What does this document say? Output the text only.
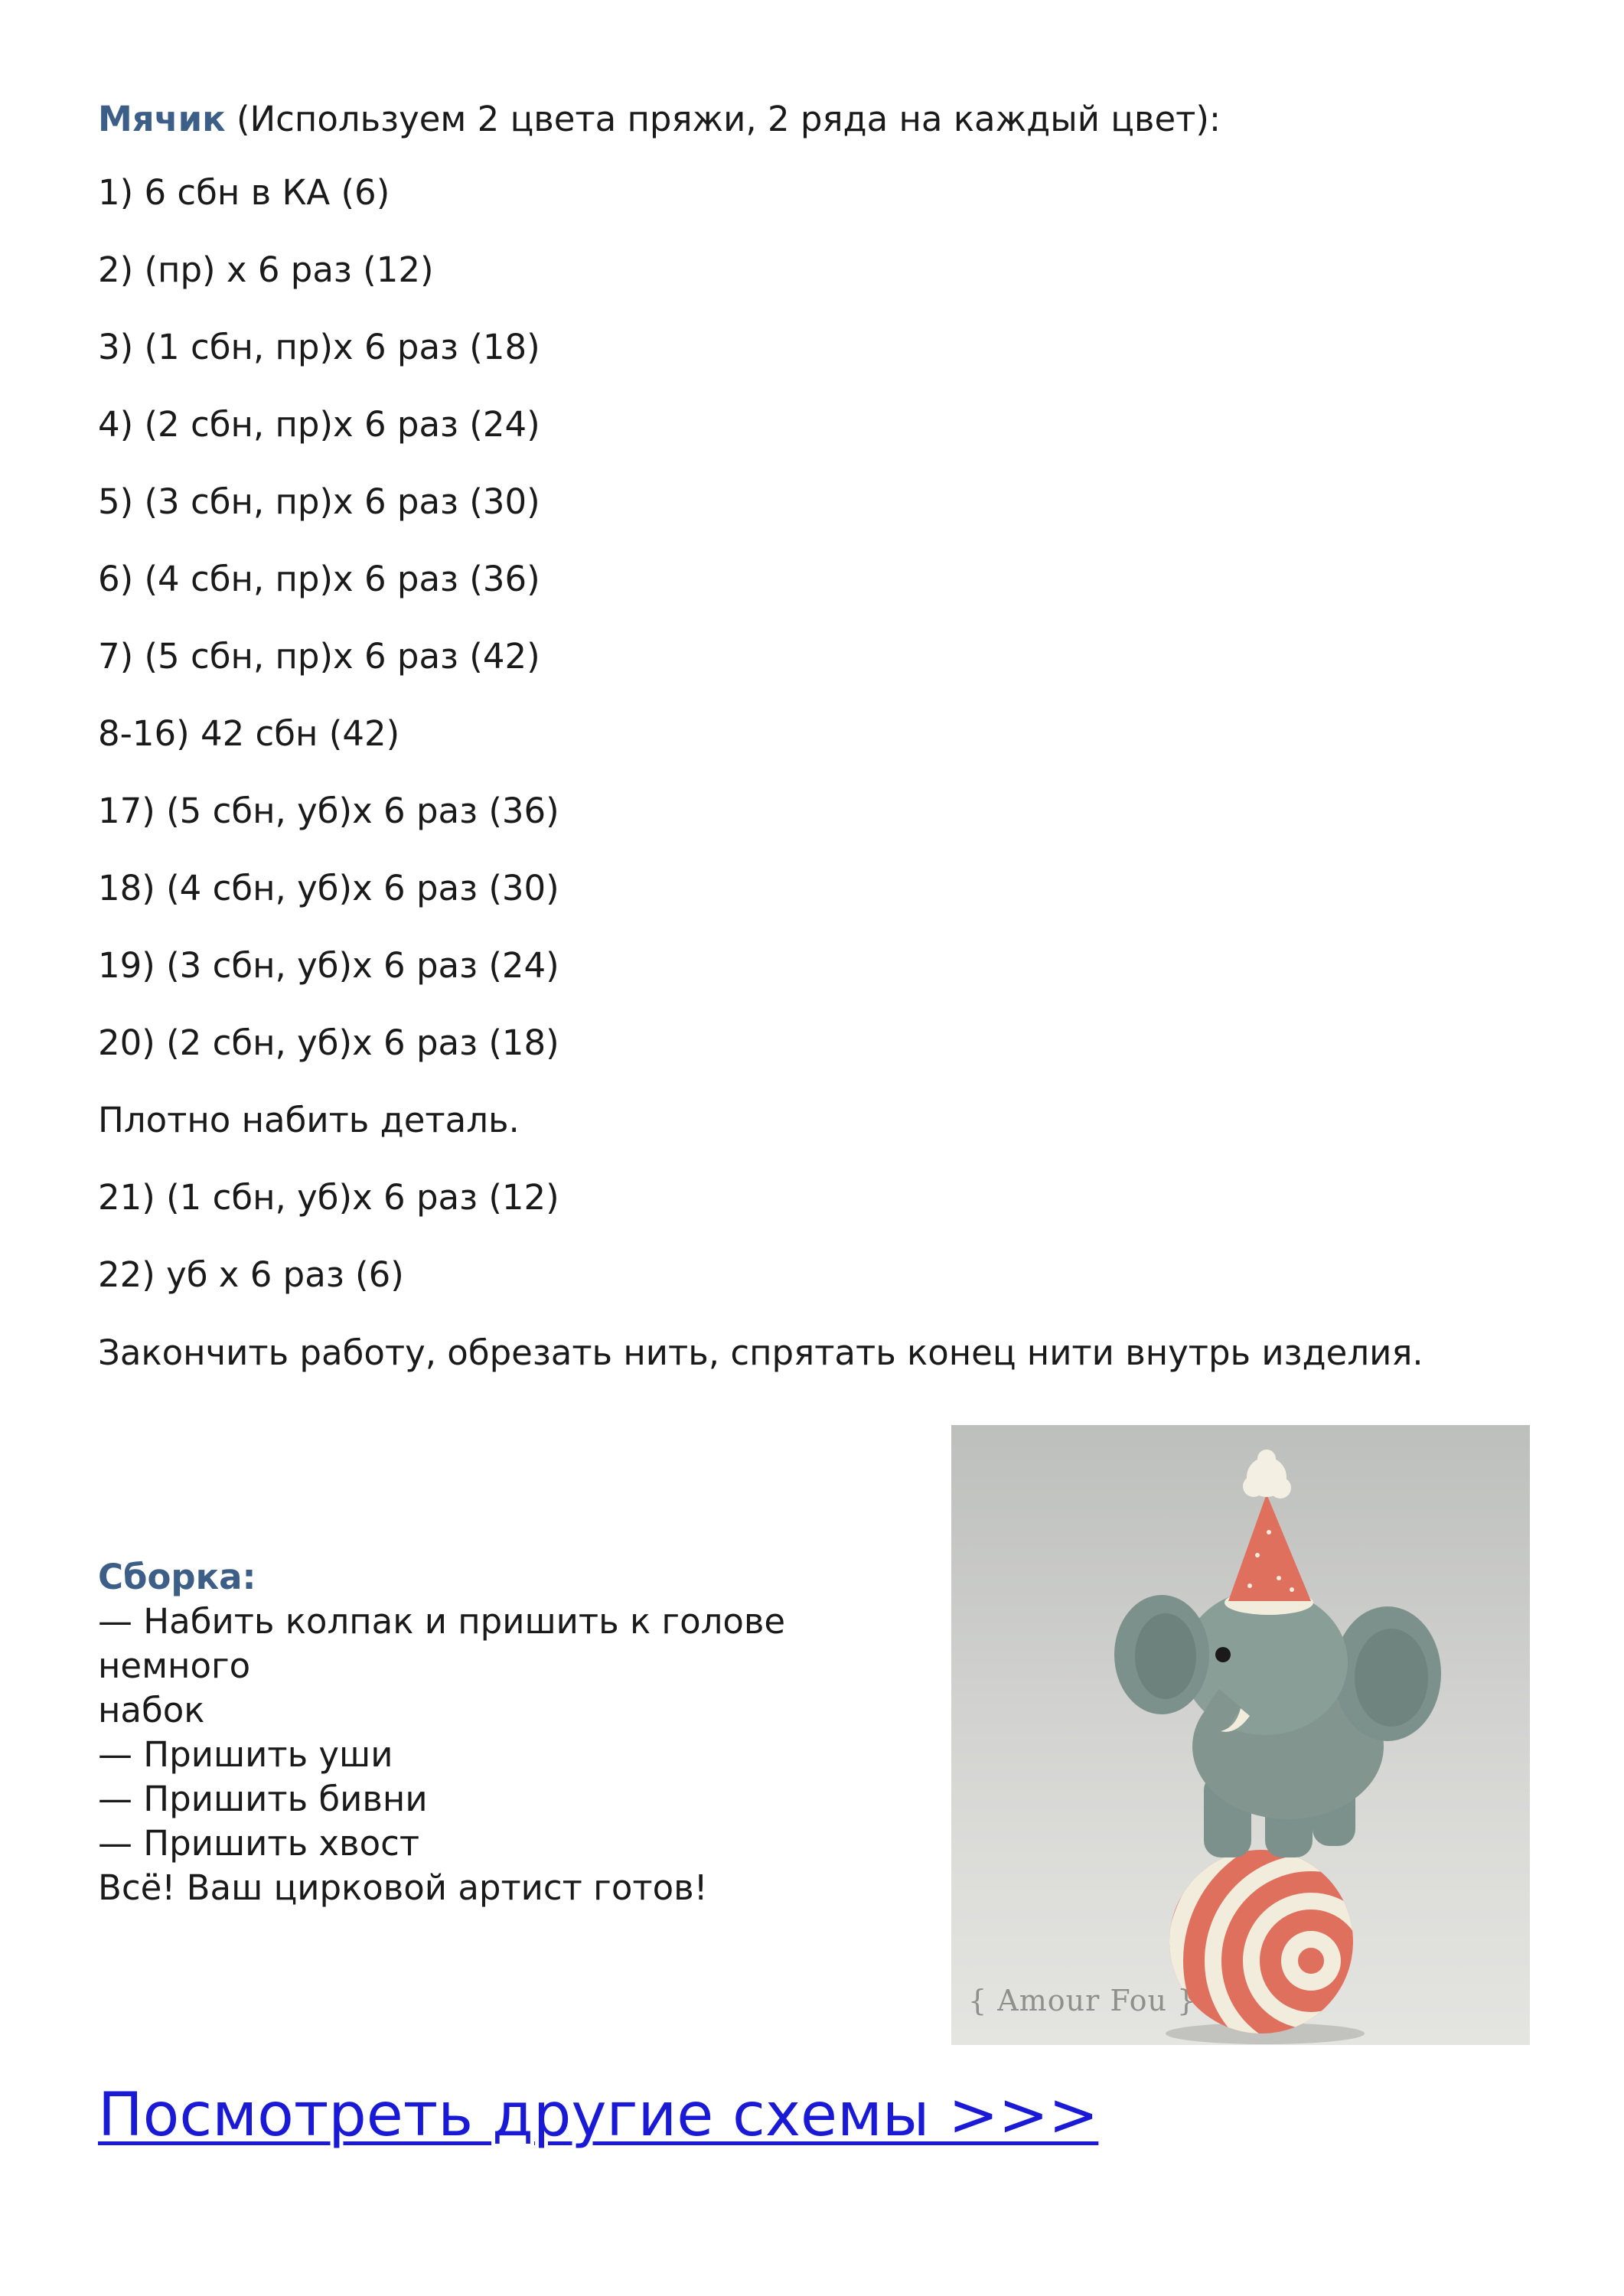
Мячик (Используем 2 цвета пряжи, 2 ряда на каждый цвет):
1) 6 сбн в КА (6)
2) (пр) х 6 раз (12)
3) (1 сбн, пр)х 6 раз (18)
4) (2 сбн, пр)х 6 раз (24)
5) (3 сбн, пр)х 6 раз (30)
6) (4 сбн, пр)х 6 раз (36)
7) (5 сбн, пр)х 6 раз (42)
8-16) 42 сбн (42)
17) (5 сбн, уб)х 6 раз (36)
18) (4 сбн, уб)х 6 раз (30)
19) (3 сбн, уб)х 6 раз (24)
20) (2 сбн, уб)х 6 раз (18)
Плотно набить деталь.
21) (1 сбн, уб)х 6 раз (12)
22) уб х 6 раз (6)
Закончить работу, обрезать нить, спрятать конец нити внутрь изделия.
Сборка:
— Набить колпак и пришить к голове немного
набок
— Пришить уши
— Пришить бивни
— Пришить хвост
Всё! Ваш цирковой артист готов!
{ Amour Fou }
Посмотреть другие схемы >>>
